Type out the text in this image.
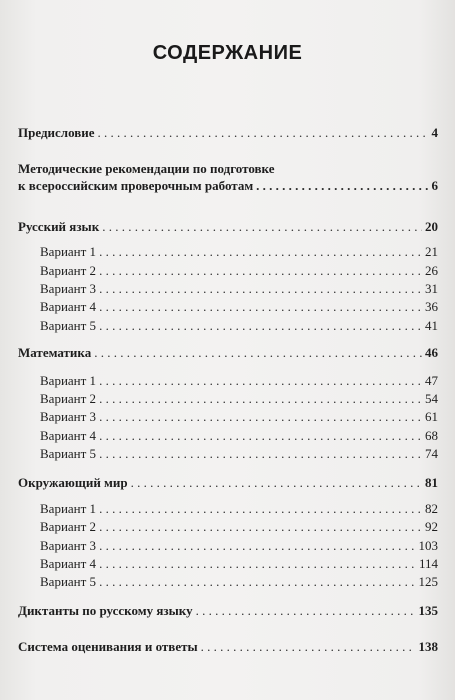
СОДЕРЖАНИЕ
Предисловие . . .	4
Методические рекомендации по подготовке
к всероссийским проверочным работам . . .	6
Русский язык . . .	20
Вариант 1 . . .	21
Вариант 2 . . .	26
Вариант 3 . . .	31
Вариант 4 . . .	36
Вариант 5 . . .	41
Математика . . .	46
Вариант 1 . . .	47
Вариант 2 . . .	54
Вариант 3 . . .	61
Вариант 4 . . .	68
Вариант 5 . . .	74
Окружающий мир . . .	81
Вариант 1 . . .	82
Вариант 2 . . .	92
Вариант 3 . . .	103
Вариант 4 . . .	114
Вариант 5 . . .	125
Диктанты по русскому языку . . .	135
Система оценивания и ответы . . .	138
